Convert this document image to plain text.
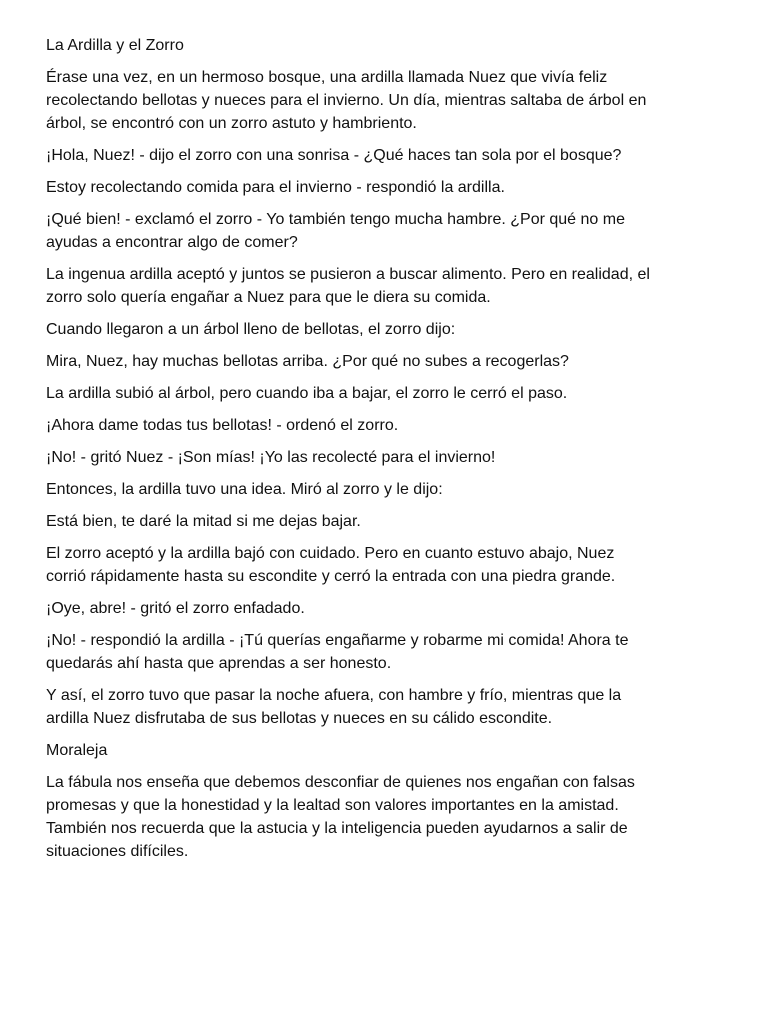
La Ardilla y el Zorro

Érase una vez, en un hermoso bosque, una ardilla llamada Nuez que vivía feliz recolectando bellotas y nueces para el invierno. Un día, mientras saltaba de árbol en árbol, se encontró con un zorro astuto y hambriento.

¡Hola, Nuez! - dijo el zorro con una sonrisa - ¿Qué haces tan sola por el bosque?

Estoy recolectando comida para el invierno - respondió la ardilla.

¡Qué bien! - exclamó el zorro - Yo también tengo mucha hambre. ¿Por qué no me ayudas a encontrar algo de comer?

La ingenua ardilla aceptó y juntos se pusieron a buscar alimento. Pero en realidad, el zorro solo quería engañar a Nuez para que le diera su comida.

Cuando llegaron a un árbol lleno de bellotas, el zorro dijo:

Mira, Nuez, hay muchas bellotas arriba. ¿Por qué no subes a recogerlas?

La ardilla subió al árbol, pero cuando iba a bajar, el zorro le cerró el paso.

¡Ahora dame todas tus bellotas! - ordenó el zorro.

¡No! - gritó Nuez - ¡Son mías! ¡Yo las recolecté para el invierno!

Entonces, la ardilla tuvo una idea. Miró al zorro y le dijo:

Está bien, te daré la mitad si me dejas bajar.

El zorro aceptó y la ardilla bajó con cuidado. Pero en cuanto estuvo abajo, Nuez corrió rápidamente hasta su escondite y cerró la entrada con una piedra grande.

¡Oye, abre! - gritó el zorro enfadado.

¡No! - respondió la ardilla - ¡Tú querías engañarme y robarme mi comida! Ahora te quedarás ahí hasta que aprendas a ser honesto.

Y así, el zorro tuvo que pasar la noche afuera, con hambre y frío, mientras que la ardilla Nuez disfrutaba de sus bellotas y nueces en su cálido escondite.

Moraleja

La fábula nos enseña que debemos desconfiar de quienes nos engañan con falsas promesas y que la honestidad y la lealtad son valores importantes en la amistad. También nos recuerda que la astucia y la inteligencia pueden ayudarnos a salir de situaciones difíciles.
